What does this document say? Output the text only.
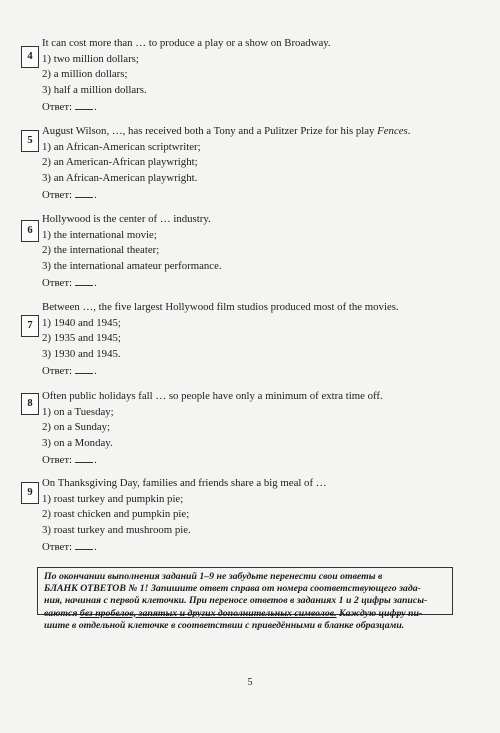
4
It can cost more than … to produce a play or a show on Broadway.
1) two million dollars;
2) a million dollars;
3) half a million dollars.
Ответ: .
5
August Wilson, …, has received both a Tony and a Pulitzer Prize for his play Fences.
1) an African-American scriptwriter;
2) an American-African playwright;
3) an African-American playwright.
Ответ: .
6
Hollywood is the center of … industry.
1) the international movie;
2) the international theater;
3) the international amateur performance.
Ответ: .
7
Between …, the five largest Hollywood film studios produced most of the movies.
1) 1940 and 1945;
2) 1935 and 1945;
3) 1930 and 1945.
Ответ: .
8
Often public holidays fall … so people have only a minimum of extra time off.
1) on a Tuesday;
2) on a Sunday;
3) on a Monday.
Ответ: .
9
On Thanksgiving Day, families and friends share a big meal of …
1) roast turkey and pumpkin pie;
2) roast chicken and pumpkin pie;
3) roast turkey and mushroom pie.
Ответ: .
По окончании выполнения заданий 1–9 не забудьте перенести свои ответы в
БЛАНК ОТВЕТОВ № 1! Запишите ответ справа от номера соответствующего зада-
ния, начиная с первой клеточки. При переносе ответов в заданиях 1 и 2 цифры записы-
ваются без пробелов, запятых и других дополнительных символов. Каждую цифру пи-
шите в отдельной клеточке в соответствии с приведёнными в бланке образцами.
5
